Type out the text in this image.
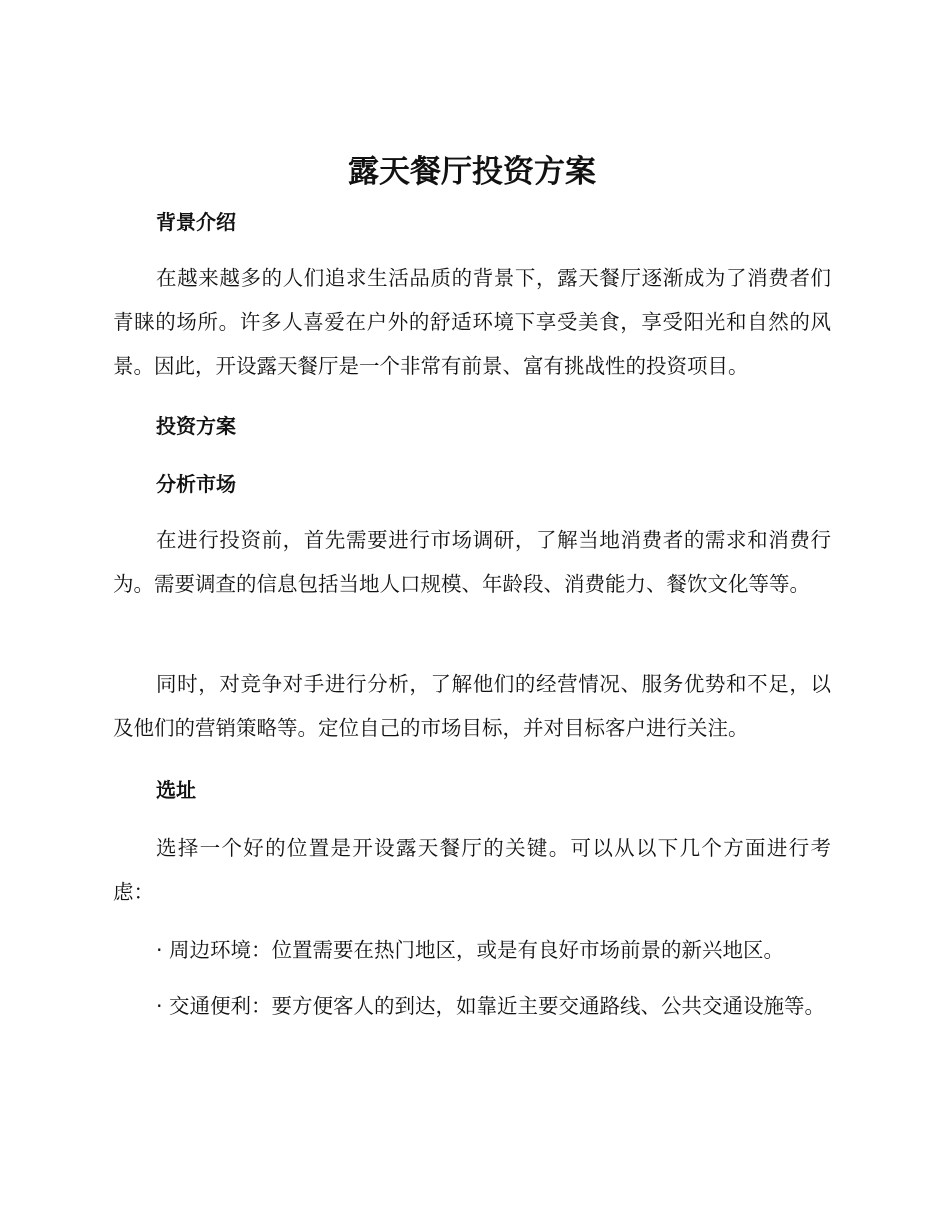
露天餐厅投资方案
背景介绍

在越来越多的人们追求生活品质的背景下，露天餐厅逐渐成为了消费者们青睐的场所。许多人喜爱在户外的舒适环境下享受美食，享受阳光和自然的风景。因此，开设露天餐厅是一个非常有前景、富有挑战性的投资项目。

投资方案
分析市场

在进行投资前，首先需要进行市场调研，了解当地消费者的需求和消费行为。需要调查的信息包括当地人口规模、年龄段、消费能力、餐饮文化等等。

同时，对竞争对手进行分析，了解他们的经营情况、服务优势和不足，以及他们的营销策略等。定位自己的市场目标，并对目标客户进行关注。

选址

选择一个好的位置是开设露天餐厅的关键。可以从以下几个方面进行考虑：

· 周边环境：位置需要在热门地区，或是有良好市场前景的新兴地区。

· 交通便利：要方便客人的到达，如靠近主要交通路线、公共交通设施等。
